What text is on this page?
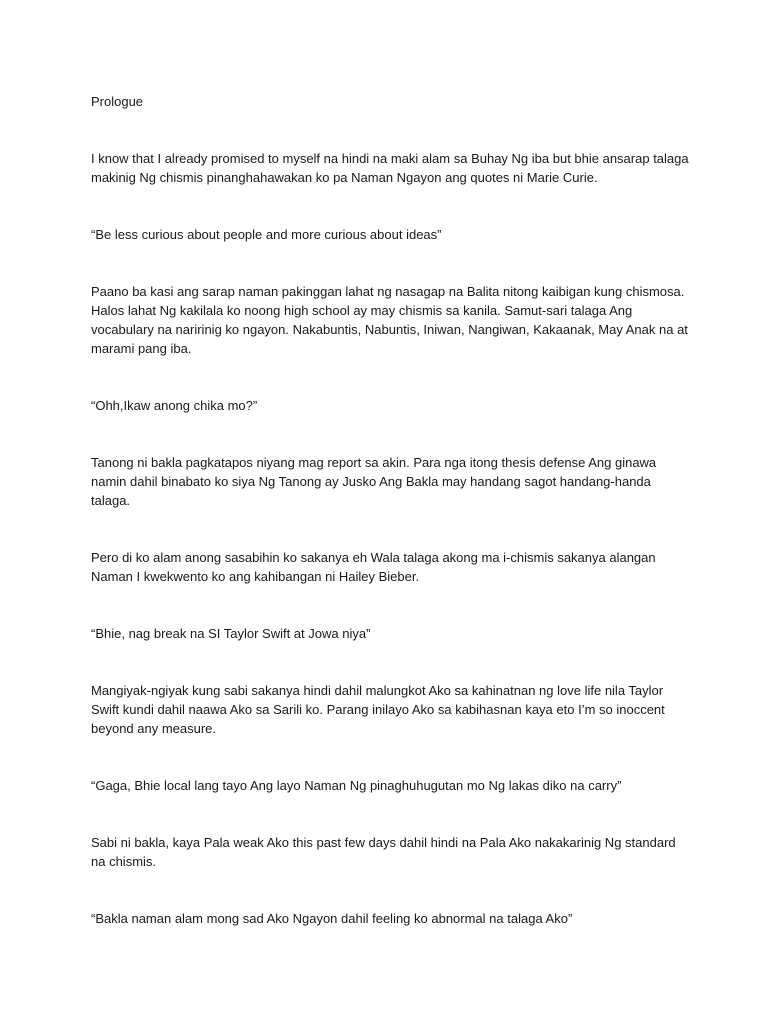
Prologue

I know that I already promised to myself na hindi na maki alam sa Buhay Ng iba but bhie ansarap talaga makinig Ng chismis pinanghahawakan ko pa Naman Ngayon ang quotes ni Marie Curie.

“Be less curious about people and more curious about ideas”

Paano ba kasi ang sarap naman pakinggan lahat ng nasagap na Balita nitong kaibigan kung chismosa. Halos lahat Ng kakilala ko noong high school ay may chismis sa kanila. Samut-sari talaga Ang vocabulary na naririnig ko ngayon. Nakabuntis, Nabuntis, Iniwan, Nangiwan, Kakaanak, May Anak na at marami pang iba.

“Ohh,Ikaw anong chika mo?”

Tanong ni bakla pagkatapos niyang mag report sa akin. Para nga itong thesis defense Ang ginawa namin dahil binabato ko siya Ng Tanong ay Jusko Ang Bakla may handang sagot handang-handa talaga.

Pero di ko alam anong sasabihin ko sakanya eh Wala talaga akong ma i-chismis sakanya alangan Naman I kwekwento ko ang kahibangan ni Hailey Bieber.

“Bhie, nag break na SI Taylor Swift at Jowa niya”

Mangiyak-ngiyak kung sabi sakanya hindi dahil malungkot Ako sa kahinatnan ng love life nila Taylor Swift kundi dahil naawa Ako sa Sarili ko. Parang inilayo Ako sa kabihasnan kaya eto I’m so inoccent beyond any measure.

“Gaga, Bhie local lang tayo Ang layo Naman Ng pinaghuhugutan mo Ng lakas diko na carry”

Sabi ni bakla, kaya Pala weak Ako this past few days dahil hindi na Pala Ako nakakarinig Ng standard na chismis.

“Bakla naman alam mong sad Ako Ngayon dahil feeling ko abnormal na talaga Ako”
